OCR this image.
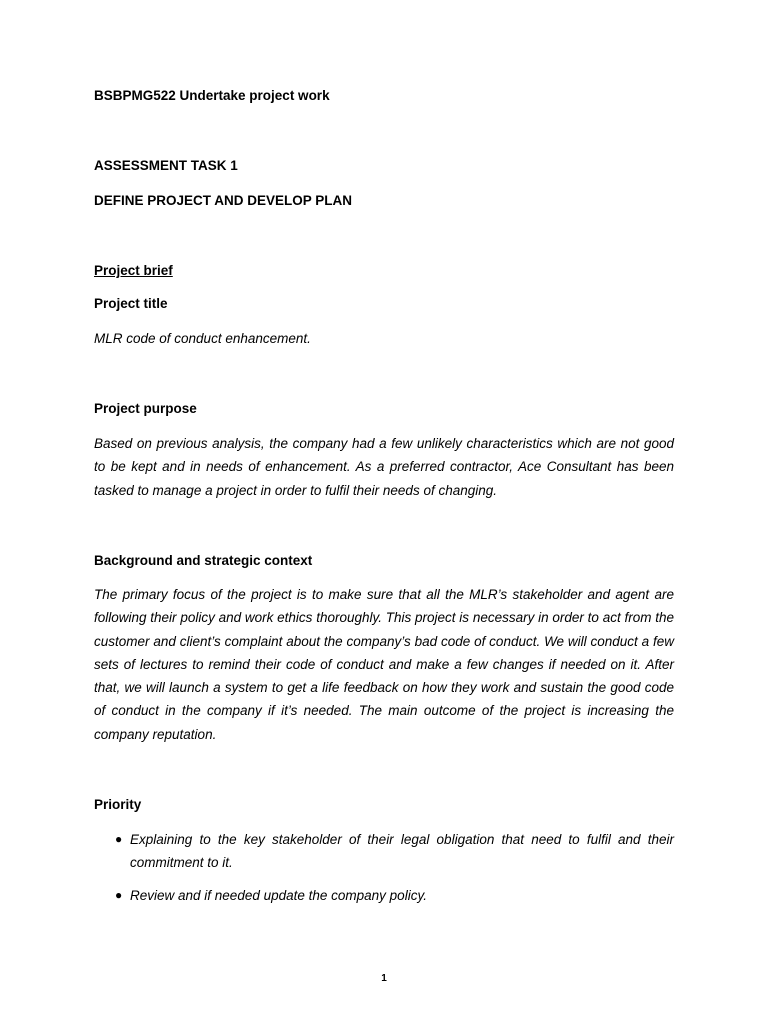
BSBPMG522 Undertake project work
ASSESSMENT TASK 1
DEFINE PROJECT AND DEVELOP PLAN
Project brief
Project title
MLR code of conduct enhancement.
Project purpose
Based on previous analysis, the company had a few unlikely characteristics which are not good to be kept and in needs of enhancement. As a preferred contractor, Ace Consultant has been tasked to manage a project in order to fulfil their needs of changing.
Background and strategic context
The primary focus of the project is to make sure that all the MLR’s stakeholder and agent are following their policy and work ethics thoroughly. This project is necessary in order to act from the customer and client’s complaint about the company’s bad code of conduct. We will conduct a few sets of lectures to remind their code of conduct and make a few changes if needed on it. After that, we will launch a system to get a life feedback on how they work and sustain the good code of conduct in the company if it’s needed. The main outcome of the project is increasing the company reputation.
Priority
● Explaining to the key stakeholder of their legal obligation that need to fulfil and their commitment to it.
● Review and if needed update the company policy.
1
